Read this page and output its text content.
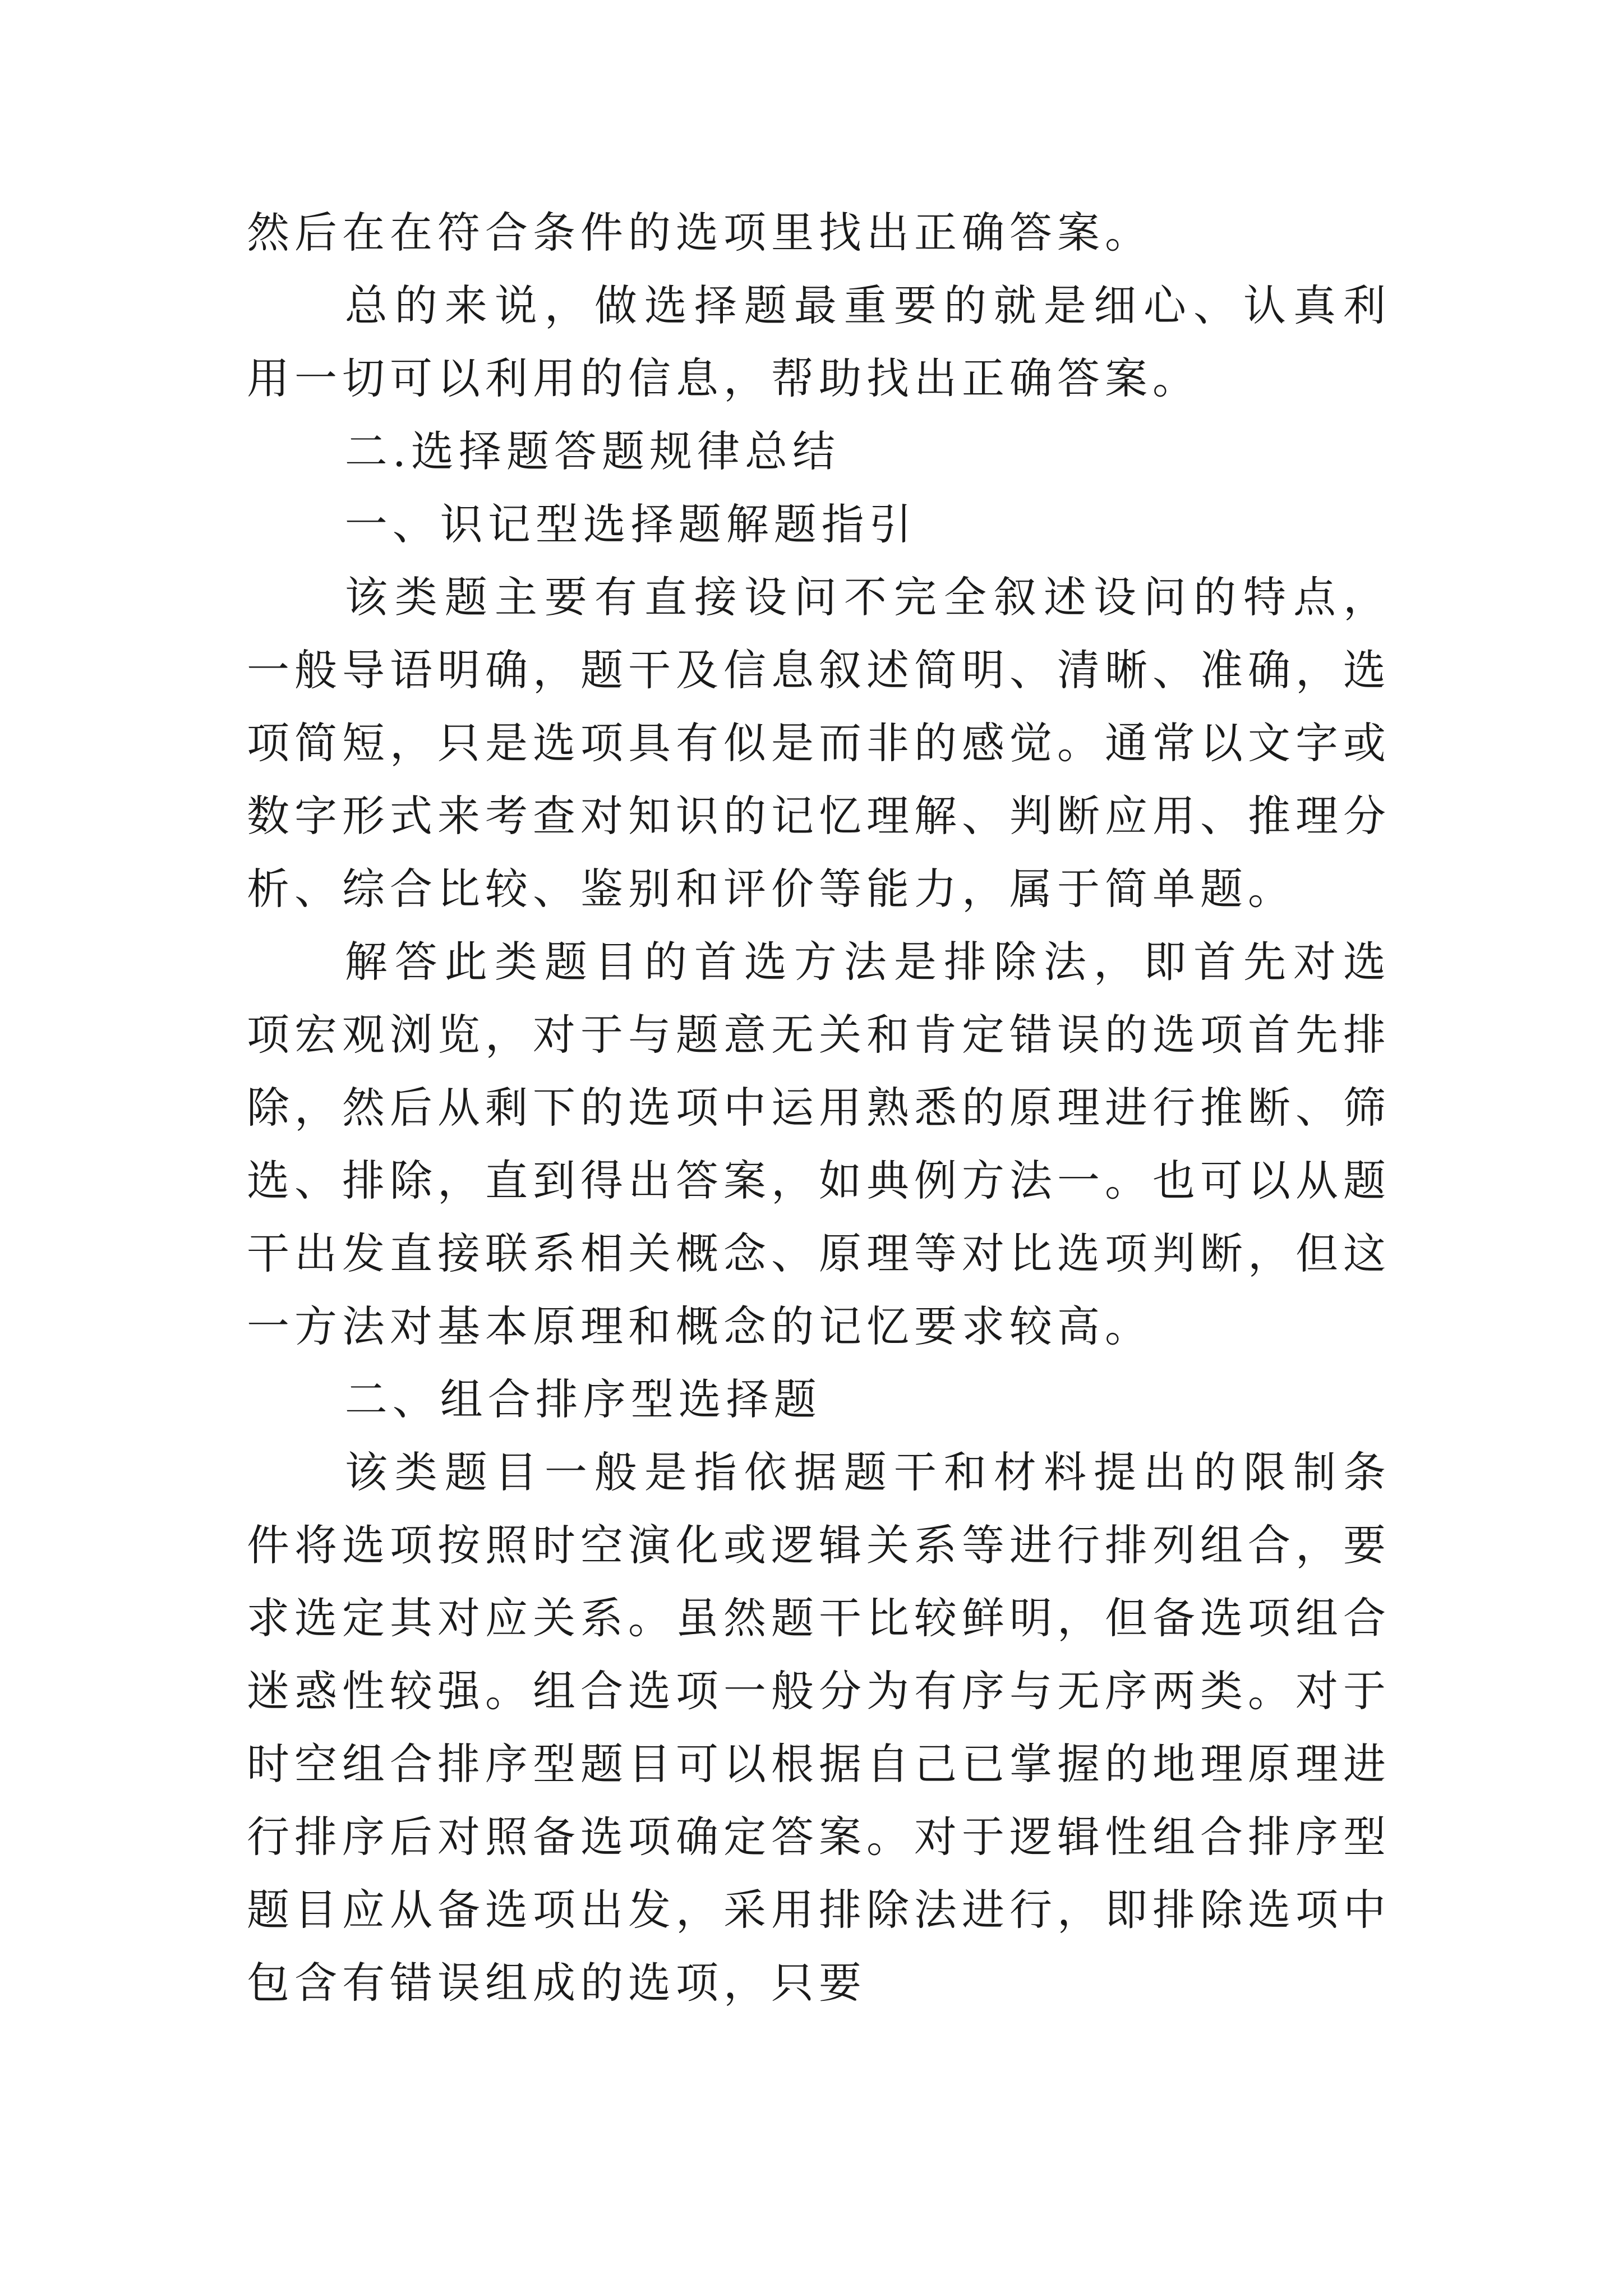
然后在在符合条件的选项里找出正确答案。

总的来说，做选择题最重要的就是细心、认真利用一切可以利用的信息，帮助找出正确答案。

二.选择题答题规律总结

一、识记型选择题解题指引

该类题主要有直接设问不完全叙述设问的特点，一般导语明确，题干及信息叙述简明、清晰、准确，选项简短，只是选项具有似是而非的感觉。通常以文字或数字形式来考查对知识的记忆理解、判断应用、推理分析、综合比较、鉴别和评价等能力，属于简单题。

解答此类题目的首选方法是排除法，即首先对选项宏观浏览，对于与题意无关和肯定错误的选项首先排除，然后从剩下的选项中运用熟悉的原理进行推断、筛选、排除，直到得出答案，如典例方法一。也可以从题干出发直接联系相关概念、原理等对比选项判断，但这一方法对基本原理和概念的记忆要求较高。

二、组合排序型选择题

该类题目一般是指依据题干和材料提出的限制条件将选项按照时空演化或逻辑关系等进行排列组合，要求选定其对应关系。虽然题干比较鲜明，但备选项组合迷惑性较强。组合选项一般分为有序与无序两类。对于时空组合排序型题目可以根据自己已掌握的地理原理进行排序后对照备选项确定答案。对于逻辑性组合排序型题目应从备选项出发，采用排除法进行，即排除选项中包含有错误组成的选项，只要
